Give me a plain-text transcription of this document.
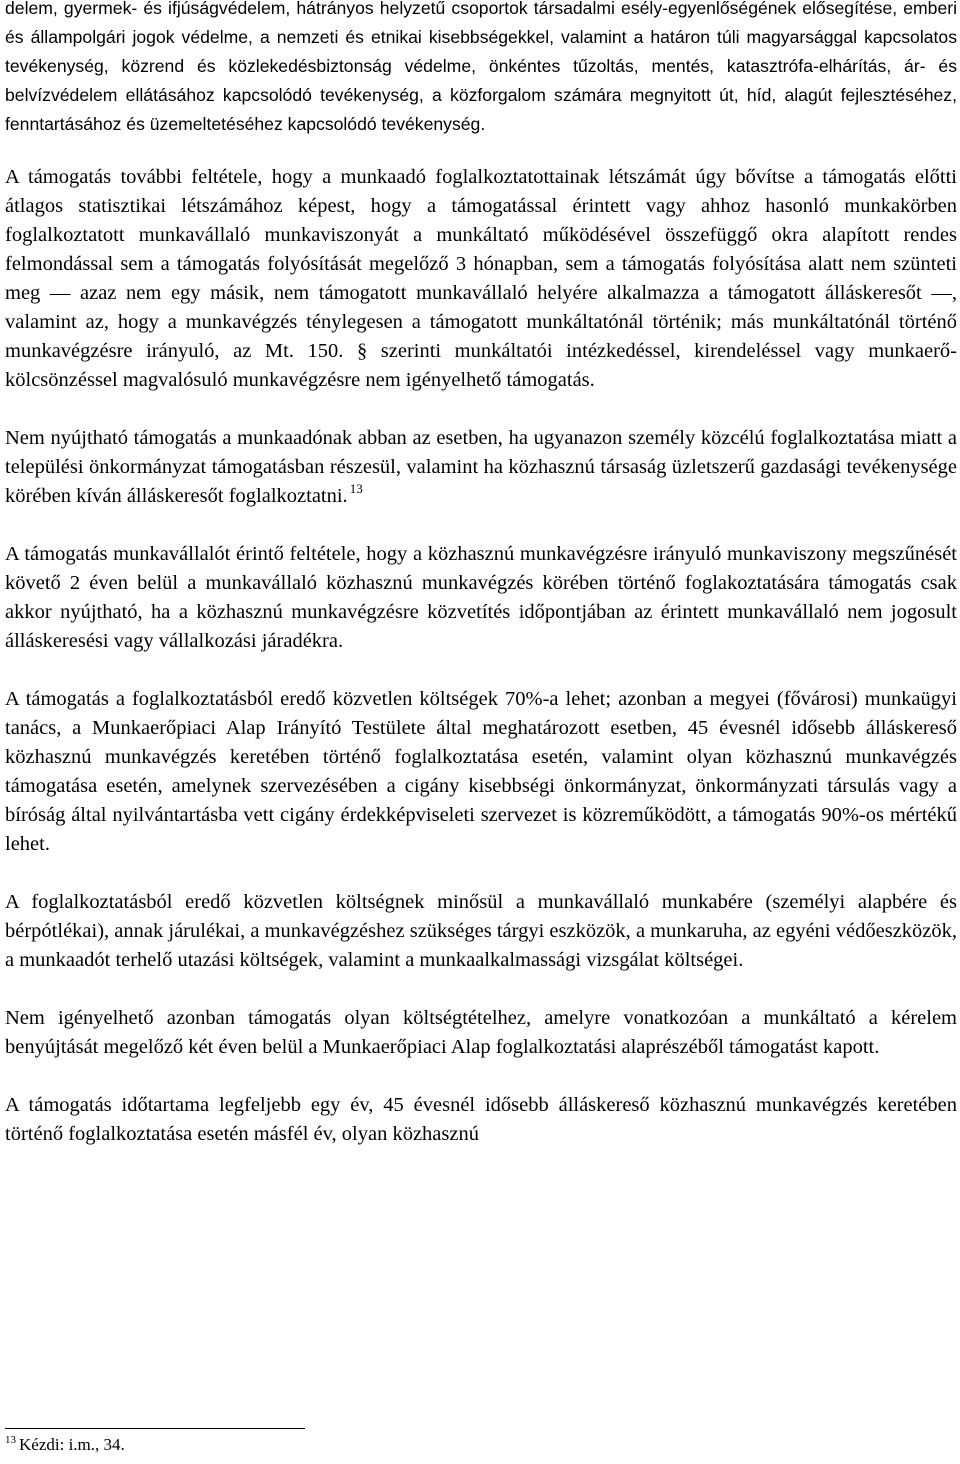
delem, gyermek- és ifjúságvédelem, hátrányos helyzetű csoportok társadalmi esély-egyenlőségének elősegítése, emberi és állampolgári jogok védelme, a nemzeti és etnikai kisebbségekkel, valamint a határon túli magyarsággal kapcsolatos tevékenység, közrend és közlekedésbiztonság védelme, önkéntes tűzoltás, mentés, katasztrófa-elhárítás, ár- és belvízvédelem ellátásához kapcsolódó tevékenység, a közforgalom számára megnyitott út, híd, alagút fejlesztéséhez, fenntartásához és üzemeltetéséhez kapcsolódó tevékenység.

A támogatás további feltétele, hogy a munkaadó foglalkoztatottainak létszámát úgy bővítse a támogatás előtti átlagos statisztikai létszámához képest, hogy a támogatással érintett vagy ahhoz hasonló munkakörben foglalkoztatott munkavállaló munkaviszonyát a munkáltató működésével összefüggő okra alapított rendes felmondással sem a támogatás folyósítását megelőző 3 hónapban, sem a támogatás folyósítása alatt nem szünteti meg ― azaz nem egy másik, nem támogatott munkavállaló helyére alkalmazza a támogatott álláskeresőt ―, valamint az, hogy a munkavégzés ténylegesen a támogatott munkáltatónál történik; más munkáltatónál történő munkavégzésre irányuló, az Mt. 150. § szerinti munkáltatói intézkedéssel, kirendeléssel vagy munkaerő-kölcsönzéssel magvalósuló munkavégzésre nem igényelhető támogatás.

Nem nyújtható támogatás a munkaadónak abban az esetben, ha ugyanazon személy közcélú foglalkoztatása miatt a települési önkormányzat támogatásban részesül, valamint ha közhasznú társaság üzletszerű gazdasági tevékenysége körében kíván álláskeresőt foglalkoztatni. $^{13}$

A támogatás munkavállalót érintő feltétele, hogy a közhasznú munkavégzésre irányuló munkaviszony megszűnését követő 2 éven belül a munkavállaló közhasznú munkavégzés körében történő foglakoztatására támogatás csak akkor nyújtható, ha a közhasznú munkavégzésre közvetítés időpontjában az érintett munkavállaló nem jogosult álláskeresési vagy vállalkozási járadékra.

A támogatás a foglalkoztatásból eredő közvetlen költségek 70%-a lehet; azonban a megyei (fővárosi) munkaügyi tanács, a Munkaerőpiaci Alap Irányító Testülete által meghatározott esetben, 45 évesnél idősebb álláskereső közhasznú munkavégzés keretében történő foglalkoztatása esetén, valamint olyan közhasznú munkavégzés támogatása esetén, amelynek szervezésében a cigány kisebbségi önkormányzat, önkormányzati társulás vagy a bíróság által nyilvántartásba vett cigány érdekképviseleti szervezet is közreműködött, a támogatás 90%-os mértékű lehet.

A foglalkoztatásból eredő közvetlen költségnek minősül a munkavállaló munkabére (személyi alapbére és bérpótlékai), annak járulékai, a munkavégzéshez szükséges tárgyi eszközök, a munkaruha, az egyéni védőeszközök, a munkaadót terhelő utazási költségek, valamint a munkaalkalmassági vizsgálat költségei.

Nem igényelhető azonban támogatás olyan költségtételhez, amelyre vonatkozóan a munkáltató a kérelem benyújtását megelőző két éven belül a Munkaerőpiaci Alap foglalkoztatási alaprészéből támogatást kapott.

A támogatás időtartama legfeljebb egy év, 45 évesnél idősebb álláskereső közhasznú munkavégzés keretében történő foglalkoztatása esetén másfél év, olyan közhasznú

$^{13}$ Kézdi: i.m., 34.
